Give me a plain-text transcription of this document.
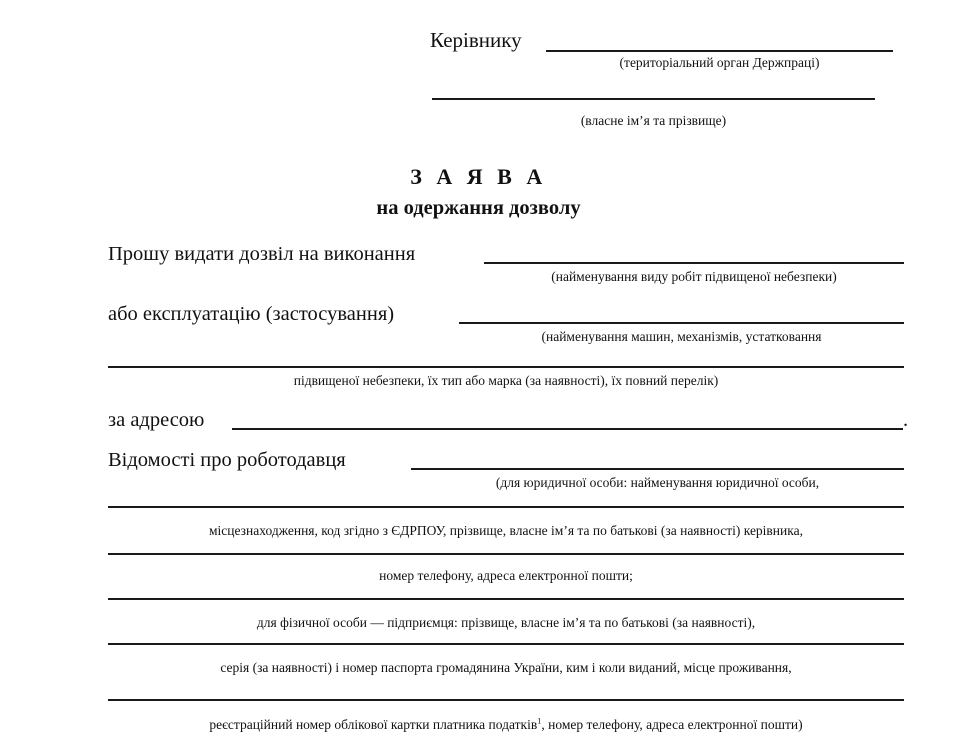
Керівнику
(територіальний орган Держпраці)
(власне ім’я та прізвище)
З А Я В А
на одержання дозволу
Прошу видати дозвіл на виконання
(найменування виду робіт підвищеної небезпеки)
або експлуатацію (застосування)
(найменування машин, механізмів, устатковання
підвищеної небезпеки, їх тип або марка (за наявності), їх повний перелік)
за адресою	.
Відомості про роботодавця
(для юридичної особи: найменування юридичної особи,
місцезнаходження, код згідно з ЄДРПОУ, прізвище, власне ім’я та по батькові (за наявності) керівника,
номер телефону, адреса електронної пошти;
для фізичної особи — підприємця: прізвище, власне ім’я та по батькові (за наявності),
серія (за наявності) і номер паспорта громадянина України, ким і коли виданий, місце проживання,
реєстраційний номер облікової картки платника податків$^1$, номер телефону, адреса електронної пошти)
